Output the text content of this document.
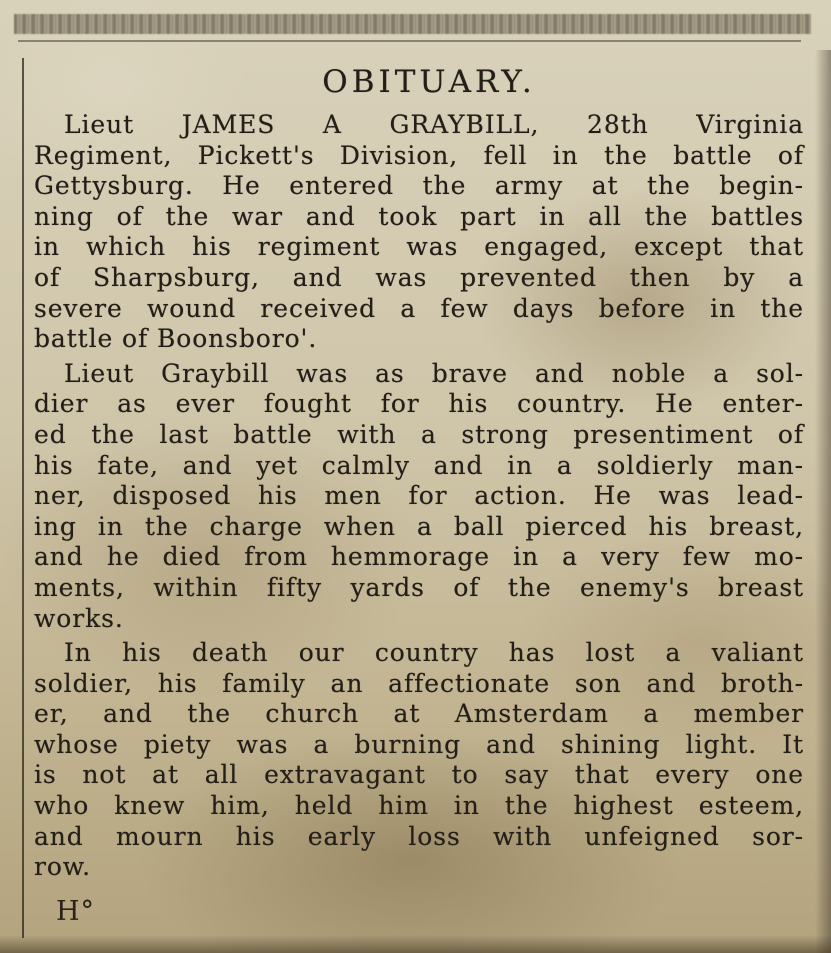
OBITUARY.
Lieut JAMES A GRAYBILL, 28th Virginia
Regiment, Pickett's Division, fell in the battle of
Gettysburg. He entered the army at the begin-
ning of the war and took part in all the battles
in which his regiment was engaged, except that
of Sharpsburg, and was prevented then by a
severe wound received a few days before in the
battle of Boonsboro'.
Lieut Graybill was as brave and noble a sol-
dier as ever fought for his country. He enter-
ed the last battle with a strong presentiment of
his fate, and yet calmly and in a soldierly man-
ner, disposed his men for action. He was lead-
ing in the charge when a ball pierced his breast,
and he died from hemmorage in a very few mo-
ments, within fifty yards of the enemy's breast
works.
In his death our country has lost a valiant
soldier, his family an affectionate son and broth-
er, and the church at Amsterdam a member
whose piety was a burning and shining light. It
is not at all extravagant to say that every one
who knew him, held him in the highest esteem,
and mourn his early loss with unfeigned sor-
row.
H°
